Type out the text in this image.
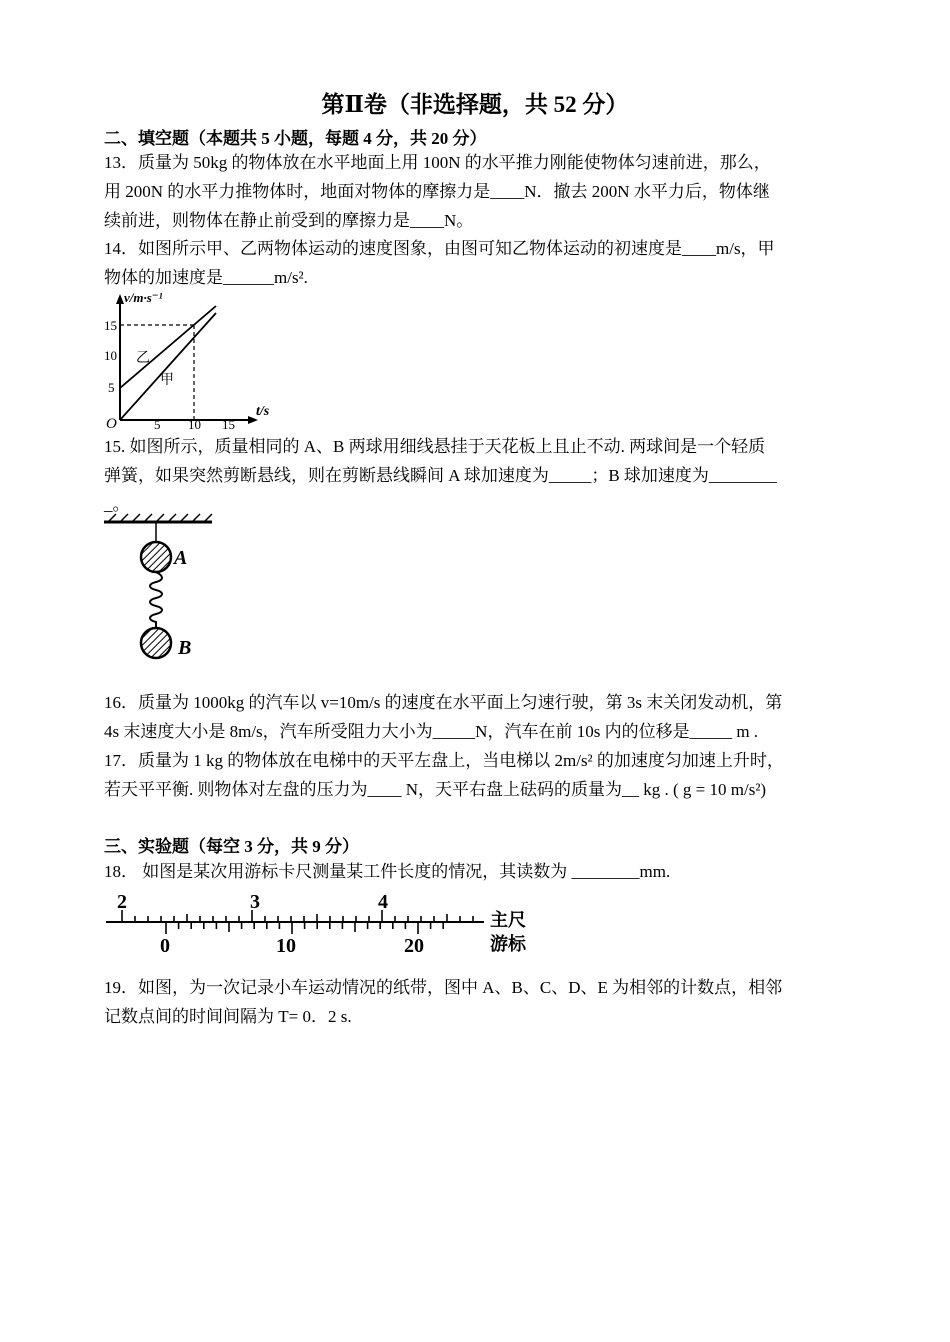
第Ⅱ卷（非选择题，共 52 分）
二、填空题（本题共 5 小题，每题 4 分，共 20 分）
13．质量为 50kg 的物体放在水平地面上用 100N 的水平推力刚能使物体匀速前进，那么，
用 200N 的水平力推物体时，地面对物体的摩擦力是____N．撤去 200N 水平力后，物体继
续前进，则物体在静止前受到的摩擦力是____N。
14．如图所示甲、乙两物体运动的速度图象，由图可知乙物体运动的初速度是____m/s，甲
物体的加速度是______m/s².
v/m·s⁻¹
t/s
O
5
10
15
5 10 15
乙
甲
15. 如图所示，质量相同的 A、B 两球用细线悬挂于天花板上且止不动. 两球间是一个轻质
弹簧，如果突然剪断悬线，则在剪断悬线瞬间 A 球加速度为_____；B 球加速度为________
_。
A
B
16．质量为 1000kg 的汽车以 v=10m/s 的速度在水平面上匀速行驶，第 3s 末关闭发动机，第
4s 末速度大小是 8m/s，汽车所受阻力大小为_____N，汽车在前 10s 内的位移是_____ m .
17．质量为 1 kg 的物体放在电梯中的天平左盘上，当电梯以 2m/s² 的加速度匀加速上升时，
若天平平衡. 则物体对左盘的压力为____ N，天平右盘上砝码的质量为__ kg . ( g = 10 m/s²)
三、实验题（每空 3 分，共 9 分）
18． 如图是某次用游标卡尺测量某工件长度的情况，其读数为 ________mm.
2	3	4
0	10	20
主尺
游标
19．如图，为一次记录小车运动情况的纸带，图中 A、B、C、D、E 为相邻的计数点，相邻
记数点间的时间间隔为 T= 0．2 s.
